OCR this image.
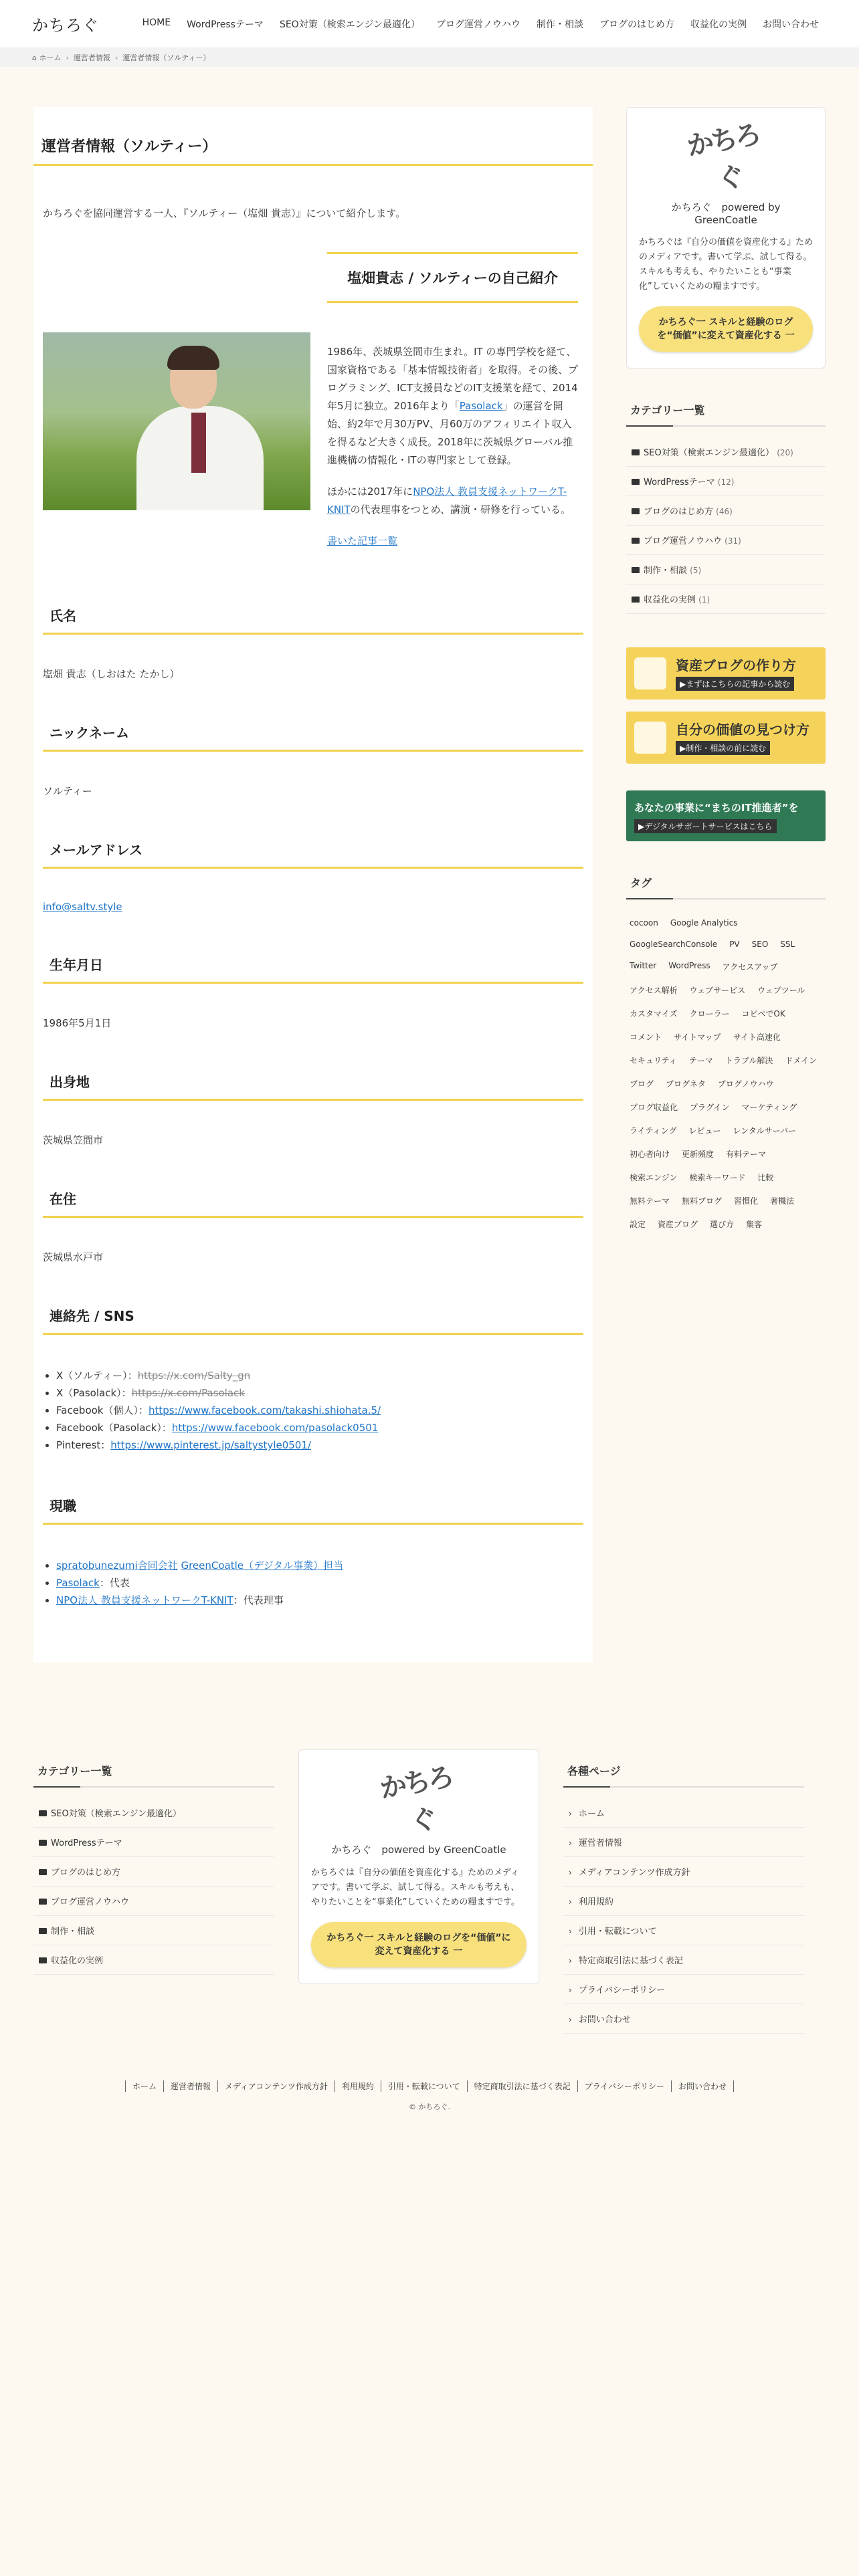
かちろぐ	HOME	WordPressテーマ	SEO対策（検索エンジン最適化）	ブログ運営ノウハウ	制作・相談	ブログのはじめ方	収益化の実例	お問い合わせ
⌂ ホーム › 運営者情報 › 運営者情報（ソルティー）
運営者情報（ソルティー）

かちろぐを協同運営する一人、『ソルティー（塩畑 貴志）』について紹介します。

塩畑貴志 / ソルティーの自己紹介

1986年、茨城県笠間市生まれ。IT の専門学校を経て、国家資格である「基本情報技術者」を取得。その後、プログラミング、ICT支援員などのIT支援業を経て、2014年5月に独立。2016年より「Pasolack」の運営を開始、約2年で月30万PV、月60万のアフィリエイト収入を得るなど大きく成長。2018年に茨城県グローバル推進機構の情報化・ITの専門家として登録。

ほかには2017年にNPO法人 教員支援ネットワークT-KNITの代表理事をつとめ、講演・研修を行っている。

書いた記事一覧

氏名

塩畑 貴志（しおはた たかし）

ニックネーム

ソルティー

メールアドレス

info@saltv.style

生年月日

1986年5月1日

出身地

茨城県笠間市

在住

茨城県水戸市

連絡先 / SNS
• X（ソルティー）：https://x.com/Salty_gn
• X（Pasolack）：https://x.com/Pasolack
• Facebook（個人）：https://www.facebook.com/takashi.shiohata.5/
• Facebook（Pasolack）：https://www.facebook.com/pasolack0501
• Pinterest：https://www.pinterest.jp/saltystyle0501/
現職
• spratobunezumi合同会社 GreenCoatle（デジタル事業）担当
• Pasolack：代表
• NPO法人 教員支援ネットワークT-KNIT：代表理事
かちろぐ
かちろぐ　powered by GreenCoatle
かちろぐは『自分の価値を資産化する』ためのメディアです。書いて学ぶ、試して得る。スキルも考えも、やりたいことも“事業化”していくための糧ますです。
かちろぐ一 スキルと経験のログを“価値”に変えて資産化する 一
カテゴリー一覧
SEO対策（検索エンジン最適化） (20)
WordPressテーマ (12)
ブログのはじめ方 (46)
ブログ運営ノウハウ (31)
制作・相談 (5)
収益化の実例 (1)
資産ブログの作り方
▶まずはこちらの記事から読む
自分の価値の見つけ方
▶制作・相談の前に読む
あなたの事業に“まちのIT推進者”を
▶デジタルサポートサービスはこちら
タグ
cocoon	Google Analytics
GoogleSearchConsole	PV	SEO	SSL
Twitter	WordPress	アクセスアップ
アクセス解析	ウェブサービス	ウェブツール
カスタマイズ	クローラー	コピペでOK
コメント	サイトマップ	サイト高速化
セキュリティ	テーマ	トラブル解決	ドメイン
ブログ	ブログネタ	ブログノウハウ
ブログ収益化	プラグイン	マーケティング
ライティング	レビュー	レンタルサーバー
初心者向け	更新頻度	有料テーマ
検索エンジン	検索キーワード	比較
無料テーマ	無料ブログ	習慣化	著機法
設定	資産ブログ	選び方	集客
カテゴリー一覧
SEO対策（検索エンジン最適化）
WordPressテーマ
ブログのはじめ方
ブログ運営ノウハウ
制作・相談
収益化の実例
かちろぐ
かちろぐ　powered by GreenCoatle
かちろぐは『自分の価値を資産化する』ためのメディアです。書いて学ぶ、試して得る。スキルも考えも、やりたいことを“事業化”していくための糧ますです。
かちろぐ一 スキルと経験のログを“価値”に変えて資産化する 一
各種ページ
› ホーム
› 運営者情報
› メディアコンテンツ作成方針
› 利用規約
› 引用・転載について
› 特定商取引法に基づく表記
› プライバシーポリシー
› お問い合わせ
ホーム	運営者情報	メディアコンテンツ作成方針	利用規約	引用・転載について	特定商取引法に基づく表記	プライバシーポリシー	お問い合わせ
© かちろぐ.
